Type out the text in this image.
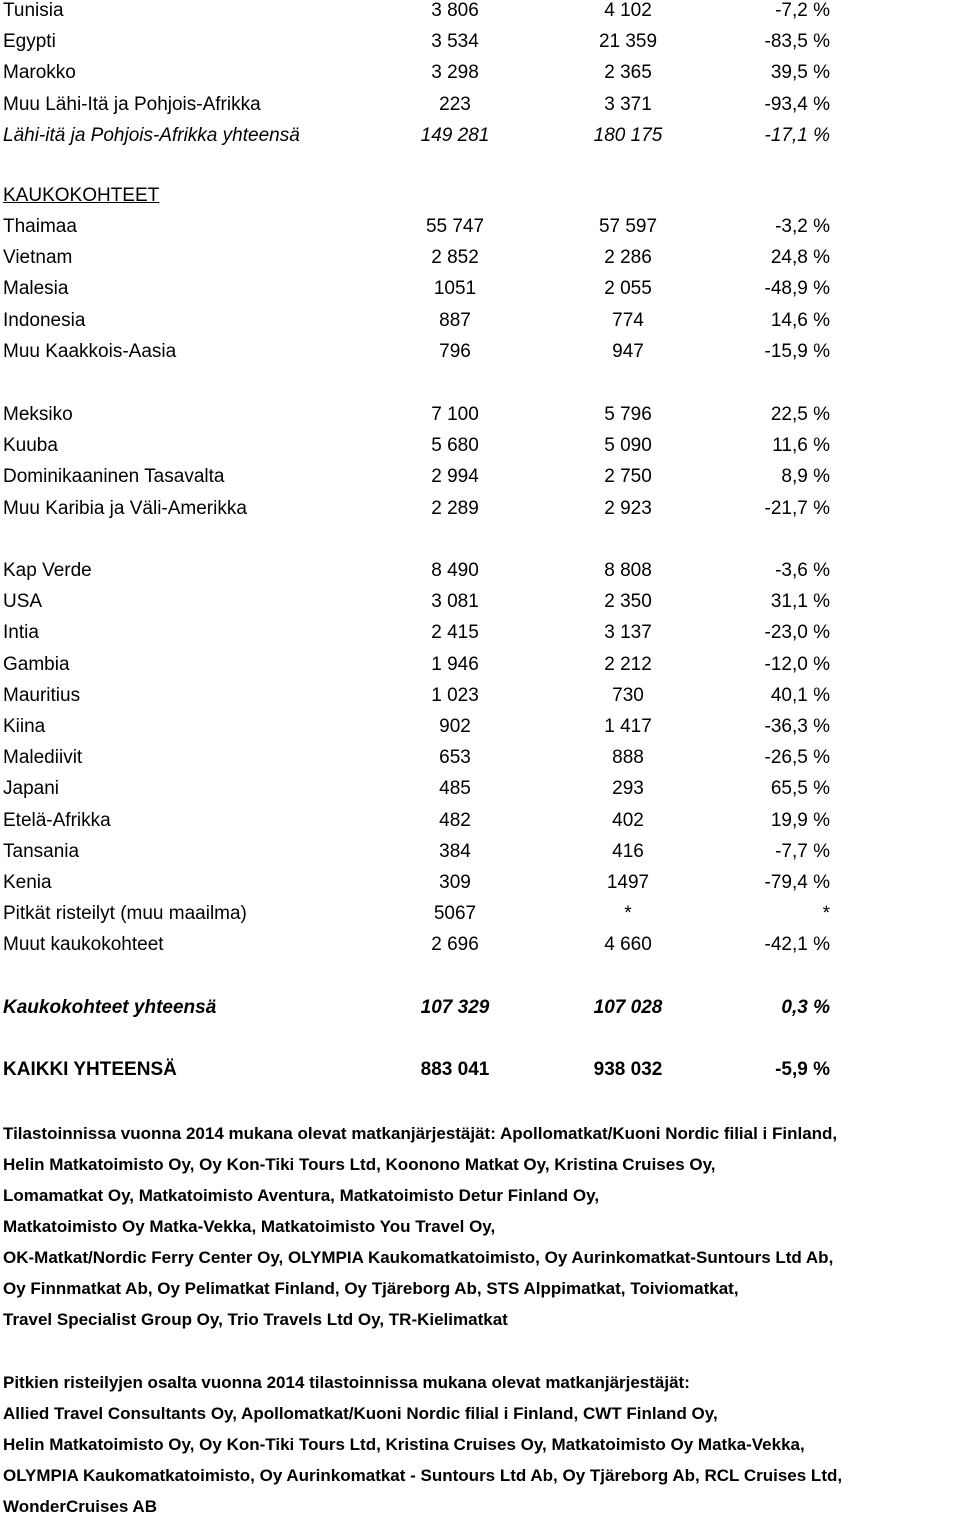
Tunisia	3 806	4 102	-7,2 %
Egypti	3 534	21 359	-83,5 %
Marokko	3 298	2 365	39,5 %
Muu Lähi-Itä ja Pohjois-Afrikka	223	3 371	-93,4 %
Lähi-itä ja Pohjois-Afrikka yhteensä	149 281	180 175	-17,1 %
KAUKOKOHTEET
Thaimaa	55 747	57 597	-3,2 %
Vietnam	2 852	2 286	24,8 %
Malesia	1051	2 055	-48,9 %
Indonesia	887	774	14,6 %
Muu Kaakkois-Aasia	796	947	-15,9 %
Meksiko	7 100	5 796	22,5 %
Kuuba	5 680	5 090	11,6 %
Dominikaaninen Tasavalta	2 994	2 750	8,9 %
Muu Karibia ja Väli-Amerikka	2 289	2 923	-21,7 %
Kap Verde	8 490	8 808	-3,6 %
USA	3 081	2 350	31,1 %
Intia	2 415	3 137	-23,0 %
Gambia	1 946	2 212	-12,0 %
Mauritius	1 023	730	40,1 %
Kiina	902	1 417	-36,3 %
Malediivit	653	888	-26,5 %
Japani	485	293	65,5 %
Etelä-Afrikka	482	402	19,9 %
Tansania	384	416	-7,7 %
Kenia	309	1497	-79,4 %
Pitkät risteilyt (muu maailma)	5067	*	*
Muut kaukokohteet	2 696	4 660	-42,1 %
Kaukokohteet yhteensä	107 329	107 028	0,3 %
KAIKKI YHTEENSÄ	883 041	938 032	-5,9 %
Tilastoinnissa vuonna 2014 mukana olevat matkanjärjestäjät: Apollomatkat/Kuoni Nordic filial i Finland,
Helin Matkatoimisto Oy, Oy Kon-Tiki Tours Ltd, Koonono Matkat Oy, Kristina Cruises Oy,
Lomamatkat Oy, Matkatoimisto Aventura, Matkatoimisto Detur Finland Oy,
Matkatoimisto Oy Matka-Vekka, Matkatoimisto You Travel Oy,
OK-Matkat/Nordic Ferry Center Oy, OLYMPIA Kaukomatkatoimisto, Oy Aurinkomatkat-Suntours Ltd Ab,
Oy Finnmatkat Ab, Oy Pelimatkat Finland, Oy Tjäreborg Ab, STS Alppimatkat, Toiviomatkat,
Travel Specialist Group Oy, Trio Travels Ltd Oy, TR-Kielimatkat
Pitkien risteilyjen osalta vuonna 2014 tilastoinnissa mukana olevat matkanjärjestäjät:
Allied Travel Consultants Oy, Apollomatkat/Kuoni Nordic filial i Finland, CWT Finland Oy,
Helin Matkatoimisto Oy, Oy Kon-Tiki Tours Ltd, Kristina Cruises Oy, Matkatoimisto Oy Matka-Vekka,
OLYMPIA Kaukomatkatoimisto, Oy Aurinkomatkat - Suntours Ltd Ab, Oy Tjäreborg Ab, RCL Cruises Ltd,
WonderCruises AB
